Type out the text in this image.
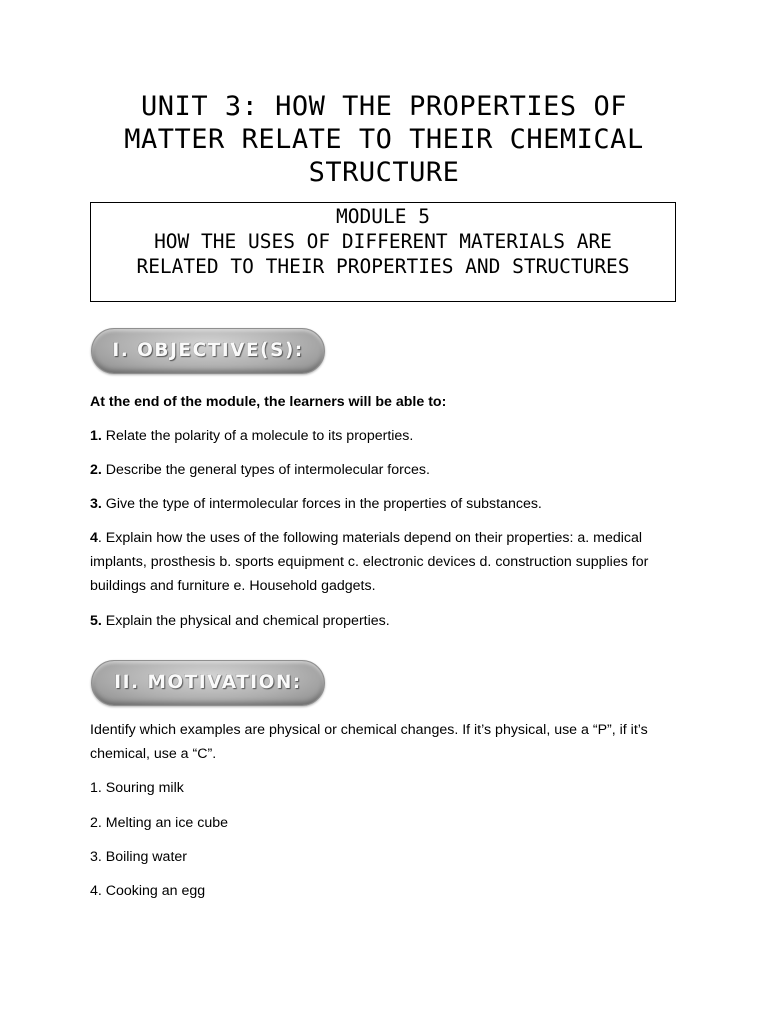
UNIT 3: HOW THE PROPERTIES OF
MATTER RELATE TO THEIR CHEMICAL
STRUCTURE
MODULE 5
HOW THE USES OF DIFFERENT MATERIALS ARE
RELATED TO THEIR PROPERTIES AND STRUCTURES
I. OBJECTIVE(S):

At the end of the module, the learners will be able to:

1. Relate the polarity of a molecule to its properties.

2. Describe the general types of intermolecular forces.

3. Give the type of intermolecular forces in the properties of substances.

4. Explain how the uses of the following materials depend on their properties: a. medical implants, prosthesis b. sports equipment c. electronic devices d. construction supplies for buildings and furniture e. Household gadgets.

5. Explain the physical and chemical properties.

II. MOTIVATION:

Identify which examples are physical or chemical changes. If it’s physical, use a “P”, if it’s chemical, use a “C”.

1. Souring milk

2. Melting an ice cube

3. Boiling water

4. Cooking an egg
